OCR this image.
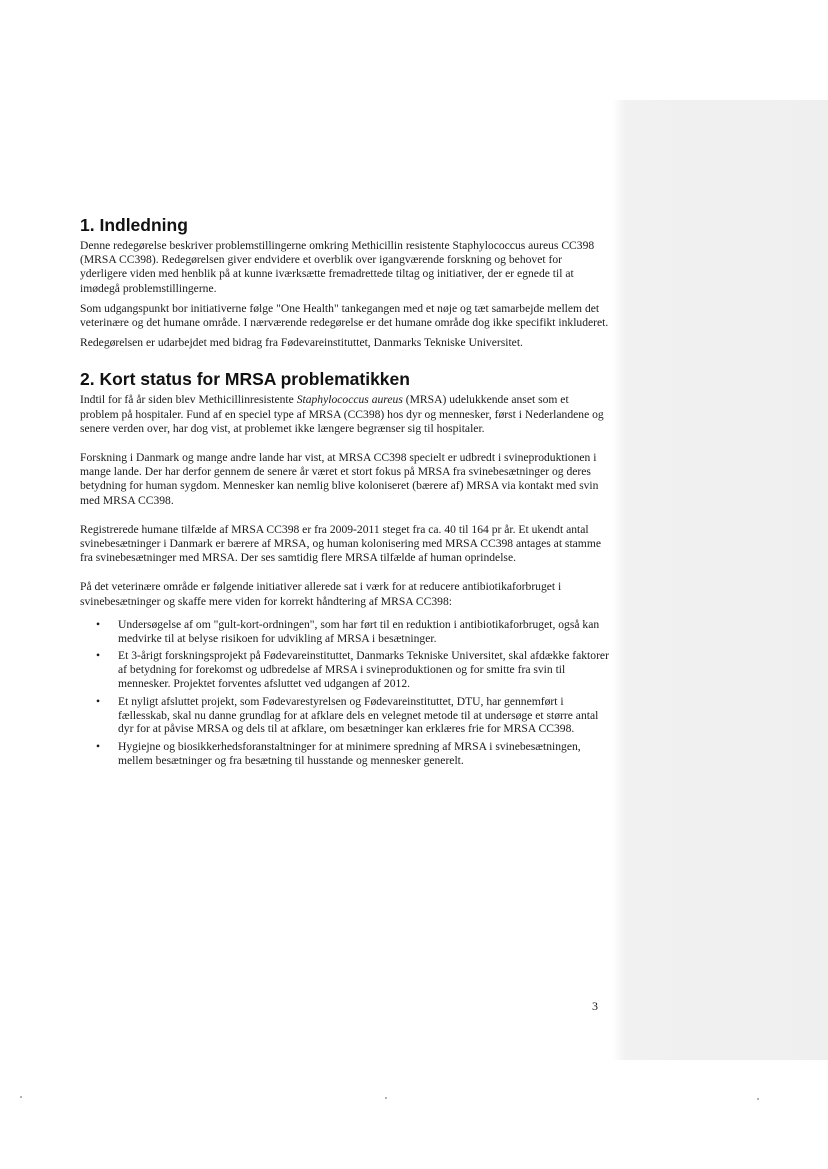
1. Indledning

Denne redegørelse beskriver problemstillingerne omkring Methicillin resistente Staphylococcus aureus CC398 (MRSA CC398). Redegørelsen giver endvidere et overblik over igangværende forskning og behovet for yderligere viden med henblik på at kunne iværksætte fremadrettede tiltag og initiativer, der er egnede til at imødegå problemstillingerne.

Som udgangspunkt bor initiativerne følge "One Health" tankegangen med et nøje og tæt samarbejde mellem det veterinære og det humane område. I nærværende redegørelse er det humane område dog ikke specifikt inkluderet.

Redegørelsen er udarbejdet med bidrag fra Fødevareinstituttet, Danmarks Tekniske Universitet.

2. Kort status for MRSA problematikken

Indtil for få år siden blev Methicillinresistente Staphylococcus aureus (MRSA) udelukkende anset som et problem på hospitaler. Fund af en speciel type af MRSA (CC398) hos dyr og mennesker, først i Nederlandene og senere verden over, har dog vist, at problemet ikke længere begrænser sig til hospitaler.

Forskning i Danmark og mange andre lande har vist, at MRSA CC398 specielt er udbredt i svineproduktionen i mange lande. Der har derfor gennem de senere år været et stort fokus på MRSA fra svinebesætninger og deres betydning for human sygdom. Mennesker kan nemlig blive koloniseret (bærere af) MRSA via kontakt med svin med MRSA CC398.

Registrerede humane tilfælde af MRSA CC398 er fra 2009-2011 steget fra ca. 40 til 164 pr år. Et ukendt antal svinebesætninger i Danmark er bærere af MRSA, og human kolonisering med MRSA CC398 antages at stamme fra svinebesætninger med MRSA. Der ses samtidig flere MRSA tilfælde af human oprindelse.

På det veterinære område er følgende initiativer allerede sat i værk for at reducere antibiotikaforbruget i svinebesætninger og skaffe mere viden for korrekt håndtering af MRSA CC398:

• Undersøgelse af om "gult-kort-ordningen", som har ført til en reduktion i antibiotikaforbruget, også kan medvirke til at belyse risikoen for udvikling af MRSA i besætninger.
• Et 3-årigt forskningsprojekt på Fødevareinstituttet, Danmarks Tekniske Universitet, skal afdække faktorer af betydning for forekomst og udbredelse af MRSA i svineproduktionen og for smitte fra svin til mennesker. Projektet forventes afsluttet ved udgangen af 2012.
• Et nyligt afsluttet projekt, som Fødevarestyrelsen og Fødevareinstituttet, DTU, har gennemført i fællesskab, skal nu danne grundlag for at afklare dels en velegnet metode til at undersøge et større antal dyr for at påvise MRSA og dels til at afklare, om besætninger kan erklæres frie for MRSA CC398.
• Hygiejne og biosikkerhedsforanstaltninger for at minimere spredning af MRSA i svinebesætningen, mellem besætninger og fra besætning til husstande og mennesker generelt.
3
